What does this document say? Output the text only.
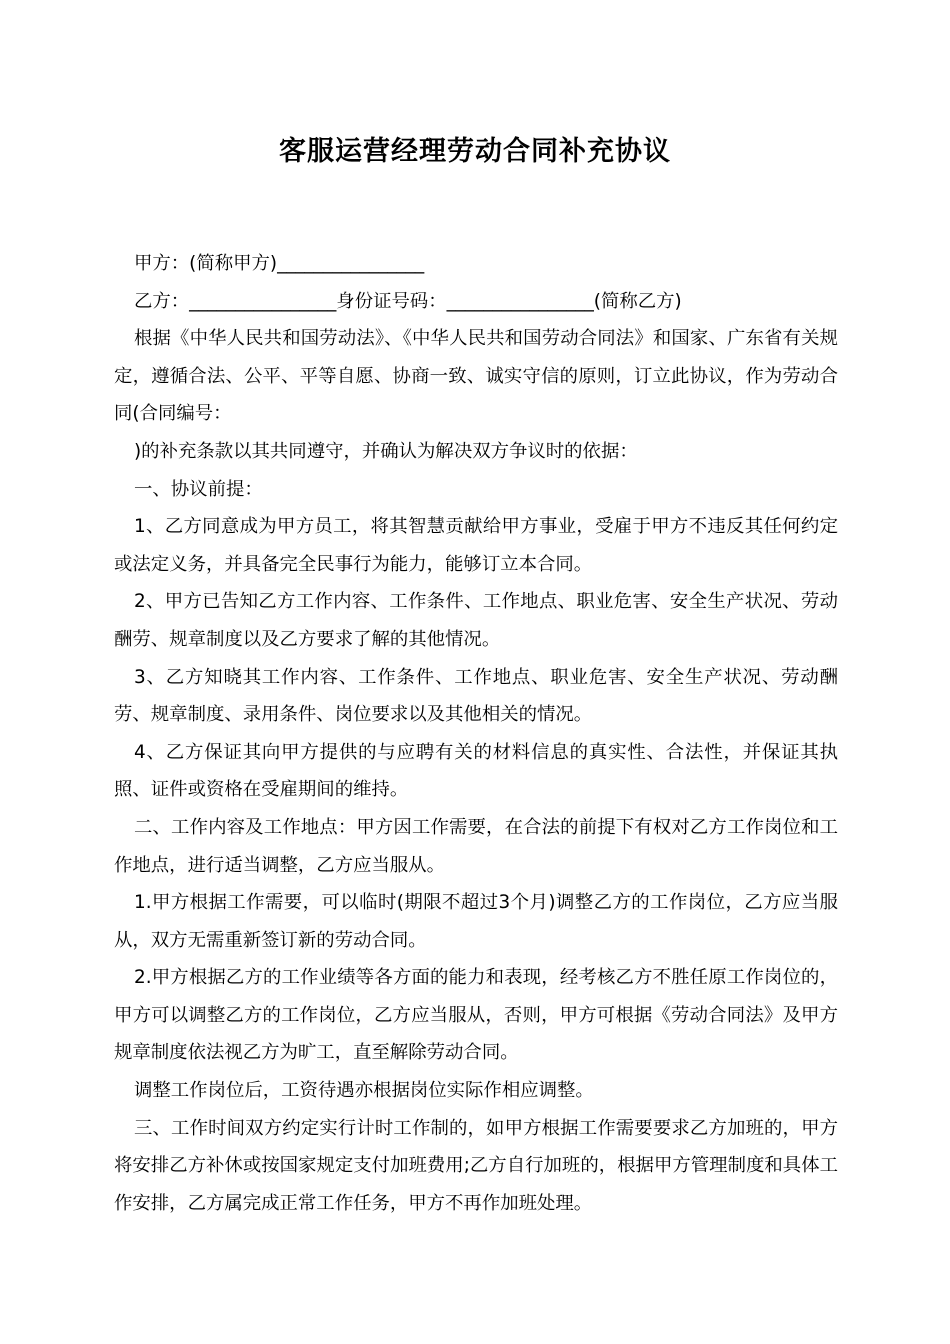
客服运营经理劳动合同补充协议

甲方：(简称甲方)________________

乙方：________________身份证号码：________________(简称乙方)

根据《中华人民共和国劳动法》、《中华人民共和国劳动合同法》和国家、广东省有关规定，遵循合法、公平、平等自愿、协商一致、诚实守信的原则，订立此协议，作为劳动合同(合同编号：

)的补充条款以其共同遵守，并确认为解决双方争议时的依据：

一、协议前提：

1、乙方同意成为甲方员工，将其智慧贡献给甲方事业，受雇于甲方不违反其任何约定或法定义务，并具备完全民事行为能力，能够订立本合同。

2、甲方已告知乙方工作内容、工作条件、工作地点、职业危害、安全生产状况、劳动酬劳、规章制度以及乙方要求了解的其他情况。

3、乙方知晓其工作内容、工作条件、工作地点、职业危害、安全生产状况、劳动酬劳、规章制度、录用条件、岗位要求以及其他相关的情况。

4、乙方保证其向甲方提供的与应聘有关的材料信息的真实性、合法性，并保证其执照、证件或资格在受雇期间的维持。

二、工作内容及工作地点：甲方因工作需要，在合法的前提下有权对乙方工作岗位和工作地点，进行适当调整，乙方应当服从。

1.甲方根据工作需要，可以临时(期限不超过3个月)调整乙方的工作岗位，乙方应当服从，双方无需重新签订新的劳动合同。

2.甲方根据乙方的工作业绩等各方面的能力和表现，经考核乙方不胜任原工作岗位的，甲方可以调整乙方的工作岗位，乙方应当服从，否则，甲方可根据《劳动合同法》及甲方规章制度依法视乙方为旷工，直至解除劳动合同。

调整工作岗位后，工资待遇亦根据岗位实际作相应调整。

三、工作时间双方约定实行计时工作制的，如甲方根据工作需要要求乙方加班的，甲方将安排乙方补休或按国家规定支付加班费用;乙方自行加班的，根据甲方管理制度和具体工作安排，乙方属完成正常工作任务，甲方不再作加班处理。
